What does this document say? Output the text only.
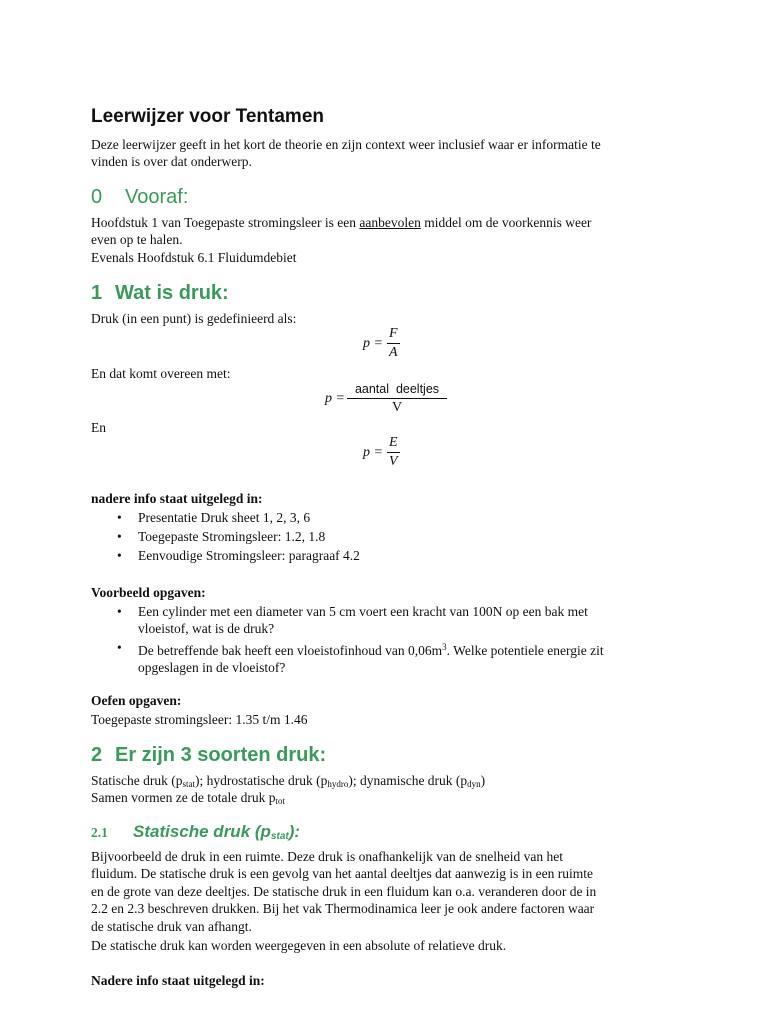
Leerwijzer voor Tentamen
Deze leerwijzer geeft in het kort de theorie en zijn context weer inclusief waar er informatie te
vinden is over dat onderwerp.
0 Vooraf:
Hoofdstuk 1 van Toegepaste stromingsleer is een aanbevolen middel om de voorkennis weer
even op te halen.
Evenals Hoofdstuk 6.1 Fluidumdebiet
1 Wat is druk:
Druk (in een punt) is gedefinieerd als:
$p = \frac{F}{A}$
En dat komt overeen met:
$p = \frac{\text{aantal  deeltjes}}{V}$
En
$p = \frac{E}{V}$
nadere info staat uitgelegd in:
• Presentatie Druk sheet 1, 2, 3, 6
• Toegepaste Stromingsleer: 1.2, 1.8
• Eenvoudige Stromingsleer: paragraaf 4.2
Voorbeeld opgaven:
• Een cylinder met een diameter van 5 cm voert een kracht van 100N op een bak met
vloeistof, wat is de druk?
• De betreffende bak heeft een vloeistofinhoud van $0,06m^3$. Welke potentiele energie zit
opgeslagen in de vloeistof?
Oefen opgaven:
Toegepaste stromingsleer: 1.35 t/m 1.46
2 Er zijn 3 soorten druk:
Statische druk $(p_{stat})$; hydrostatische druk $(p_{hydro})$; dynamische druk $(p_{dyn})$
Samen vormen ze de totale druk $p_{tot}$
2.1 Statische druk $(p_{stat})$:
Bijvoorbeeld de druk in een ruimte. Deze druk is onafhankelijk van de snelheid van het
fluidum. De statische druk is een gevolg van het aantal deeltjes dat aanwezig is in een ruimte
en de grote van deze deeltjes. De statische druk in een fluidum kan o.a. veranderen door de in
2.2 en 2.3 beschreven drukken. Bij het vak Thermodinamica leer je ook andere factoren waar
de statische druk van afhangt.
De statische druk kan worden weergegeven in een absolute of relatieve druk.
Nadere info staat uitgelegd in:
